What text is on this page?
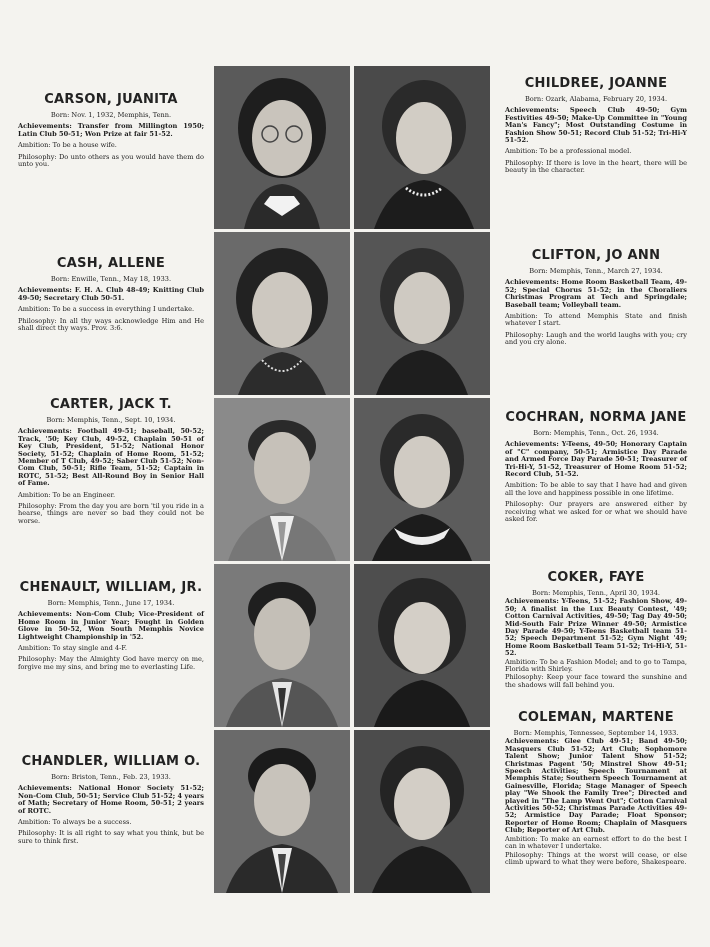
CARSON, JUANITA

Born: Nov. 1, 1932, Memphis, Tenn.

Achievements: Transfer from Millington 1950; Latin Club 50-51; Won Prize at fair 51-52.

Ambition: To be a house wife.

Philosophy: Do unto others as you would have them do unto you.

CASH, ALLENE

Born: Enwille, Tenn., May 18, 1933.

Achievements: F. H. A. Club 48-49; Knitting Club 49-50; Secretary Club 50-51.

Ambition: To be a success in everything I undertake.

Philosophy: In all thy ways acknowledge Him and He shall direct thy ways. Prov. 3:6.

CARTER, JACK T.

Born: Memphis, Tenn., Sept. 10, 1934.

Achievements: Football 49-51; baseball, 50-52; Track, '50; Key Club, 49-52, Chaplain 50-51 of Key Club, President, 51-52; National Honor Society, 51-52; Chaplain of Home Room, 51-52; Member of T Club, 49-52; Saber Club 51-52; Non-Com Club, 50-51; Rifle Team, 51-52; Captain in ROTC, 51-52; Best All-Round Boy in Senior Hall of Fame.

Ambition: To be an Engineer.

Philosophy: From the day you are born 'til you ride in a hearse, things are never so bad they could not be worse.

CHENAULT, WILLIAM, JR.

Born: Memphis, Tenn., June 17, 1934.

Achievements: Non-Com Club; Vice-President of Home Room in Junior Year; Fought in Golden Glove in 50-52, Won South Memphis Novice Lightweight Championship in '52.

Ambition: To stay single and 4-F.

Philosophy: May the Almighty God have mercy on me, forgive me my sins, and bring me to everlasting Life.

CHANDLER, WILLIAM O.

Born: Briston, Tenn., Feb. 23, 1933.

Achievements: National Honor Society 51-52; Non-Com Club, 50-51; Service Club 51-52; 4 years of Math; Secretary of Home Room, 50-51; 2 years of ROTC.

Ambition: To always be a success.

Philosophy: It is all right to say what you think, but be sure to think first.

CHILDREE, JOANNE

Born: Ozark, Alabama, February 20, 1934.

Achievements: Speech Club 49-50; Gym Festivities 49-50; Make-Up Committee in "Young Man's Fancy"; Most Outstanding Costume in Fashion Show 50-51; Record Club 51-52; Tri-Hi-Y 51-52.

Ambition: To be a professional model.

Philosophy: If there is love in the heart, there will be beauty in the character.

CLIFTON, JO ANN

Born: Memphis, Tenn., March 27, 1934.

Achievements: Home Room Basketball Team, 49-52; Special Chorus 51-52; in the Choraliers Christmas Program at Tech and Springdale; Baseball team; Volleyball team.

Ambition: To attend Memphis State and finish whatever I start.

Philosophy: Laugh and the world laughs with you; cry and you cry alone.

COCHRAN, NORMA JANE

Born: Memphis, Tenn., Oct. 26, 1934.

Achievements: Y-Teens, 49-50; Honorary Captain of "C" company, 50-51; Armistice Day Parade and Armed Force Day Parade 50-51; Treasurer of Tri-Hi-Y, 51-52, Treasurer of Home Room 51-52; Record Club, 51-52.

Ambition: To be able to say that I have had and given all the love and happiness possible in one lifetime.

Philosophy: Our prayers are answered either by receiving what we asked for or what we should have asked for.

COKER, FAYE

Born: Memphis, Tenn., April 30, 1934.

Achievements: Y-Teens, 51-52; Fashion Show, 49-50; A finalist in the Lux Beauty Contest, '49; Cotton Carnival Activities, 49-50; Tag Day 49-50; Mid-South Fair Prize Winner 49-50; Armistice Day Parade 49-50; Y-Teens Basketball team 51-52; Speech Department 51-52; Gym Night '49; Home Room Basketball Team 51-52; Tri-Hi-Y, 51-52.

Ambition: To be a Fashion Model; and to go to Tampa, Florida with Shirley.

Philosophy: Keep your face toward the sunshine and the shadows will fall behind you.

COLEMAN, MARTENE

Born: Memphis, Tennessee, September 14, 1933.

Achievements: Glee Club 49-51; Band 49-50; Masquers Club 51-52; Art Club; Sophomore Talent Show; Junior Talent Show 51-52; Christmas Pagent '50; Minstrel Show 49-51; Speech Activities; Speech Tournament at Memphis State; Southern Speech Tournament at Gainesville, Florida; Stage Manager of Speech play "We Shook the Family Tree"; Directed and played in "The Lamp Went Out"; Cotton Carnival Activities 50-52; Christmas Parade Activities 49-52; Armistice Day Parade; Float Sponsor; Reporter of Home Room; Chaplain of Masquers Club; Reporter of Art Club.

Ambition: To make an earnest effort to do the best I can in whatever I undertake.

Philosophy: Things at the worst will cease, or else climb upward to what they were before, Shakespeare.
